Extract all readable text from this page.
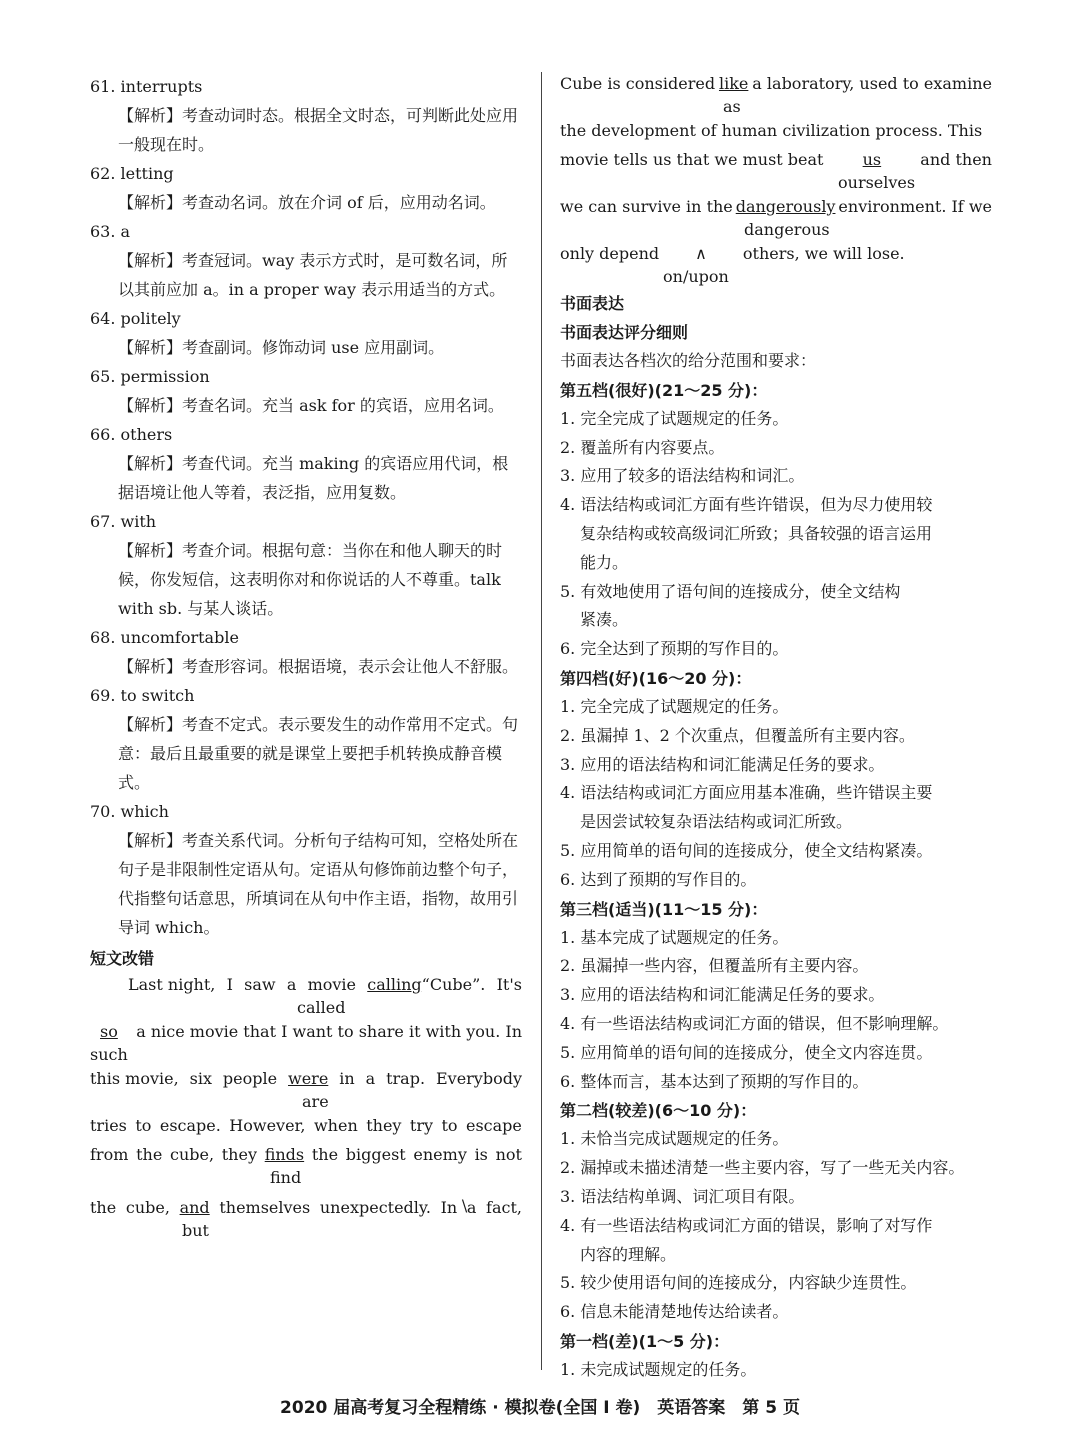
61. interrupts
【解析】考查动词时态。根据全文时态，可判断此处应用一般现在时。
62. letting
【解析】考查动名词。放在介词 of 后，应用动名词。
63. a
【解析】考查冠词。way 表示方式时，是可数名词，所以其前应加 a。in a proper way 表示用适当的方式。
64. politely
【解析】考查副词。修饰动词 use 应用副词。
65. permission
【解析】考查名词。充当 ask for 的宾语，应用名词。
66. others
【解析】考查代词。充当 making 的宾语应用代词，根据语境让他人等着，表泛指，应用复数。
67. with
【解析】考查介词。根据句意：当你在和他人聊天的时候，你发短信，这表明你对和你说话的人不尊重。talk with sb. 与某人谈话。
68. uncomfortable
【解析】考查形容词。根据语境，表示会让他人不舒服。
69. to switch
【解析】考查不定式。表示要发生的动作常用不定式。句意：最后且最重要的就是课堂上要把手机转换成静音模式。
70. which
【解析】考查关系代词。分析句子结构可知，空格处所在句子是非限制性定语从句。定语从句修饰前边整个句子，代指整句话意思，所填词在从句中作主语，指物，故用引导词 which。
短文改错
Last night, I saw a movie calling“Cube”. It's
called
so a nice movie that I want to share it with you. In
such
this movie, six people were in a trap. Everybody
are
tries to escape. However, when they try to escape
from the cube, they finds the biggest enemy is not
find
the cube, and themselves unexpectedly. In \ a fact,
but
Cube is considered like a laboratory, used to examine
as
the development of human civilization process. This
movie tells us that we must beat us and then
ourselves
we can survive in the dangerously environment. If we
dangerous
only depend ∧ others, we will lose.
on/upon
书面表达
书面表达评分细则
书面表达各档次的给分范围和要求：
第五档(很好)(21～25 分)：
1. 完全完成了试题规定的任务。
2. 覆盖所有内容要点。
3. 应用了较多的语法结构和词汇。
4. 语法结构或词汇方面有些许错误，但为尽力使用较
复杂结构或较高级词汇所致；具备较强的语言运用
能力。
5. 有效地使用了语句间的连接成分，使全文结构
紧凑。
6. 完全达到了预期的写作目的。
第四档(好)(16～20 分)：
1. 完全完成了试题规定的任务。
2. 虽漏掉 1、2 个次重点，但覆盖所有主要内容。
3. 应用的语法结构和词汇能满足任务的要求。
4. 语法结构或词汇方面应用基本准确，些许错误主要
是因尝试较复杂语法结构或词汇所致。
5. 应用简单的语句间的连接成分，使全文结构紧凑。
6. 达到了预期的写作目的。
第三档(适当)(11～15 分)：
1. 基本完成了试题规定的任务。
2. 虽漏掉一些内容，但覆盖所有主要内容。
3. 应用的语法结构和词汇能满足任务的要求。
4. 有一些语法结构或词汇方面的错误，但不影响理解。
5. 应用简单的语句间的连接成分，使全文内容连贯。
6. 整体而言，基本达到了预期的写作目的。
第二档(较差)(6～10 分)：
1. 未恰当完成试题规定的任务。
2. 漏掉或未描述清楚一些主要内容，写了一些无关内容。
3. 语法结构单调、词汇项目有限。
4. 有一些语法结构或词汇方面的错误，影响了对写作
内容的理解。
5. 较少使用语句间的连接成分，内容缺少连贯性。
6. 信息未能清楚地传达给读者。
第一档(差)(1～5 分)：
1. 未完成试题规定的任务。
2020 届高考复习全程精练 · 模拟卷(全国 Ⅰ 卷)　英语答案　第 5 页
